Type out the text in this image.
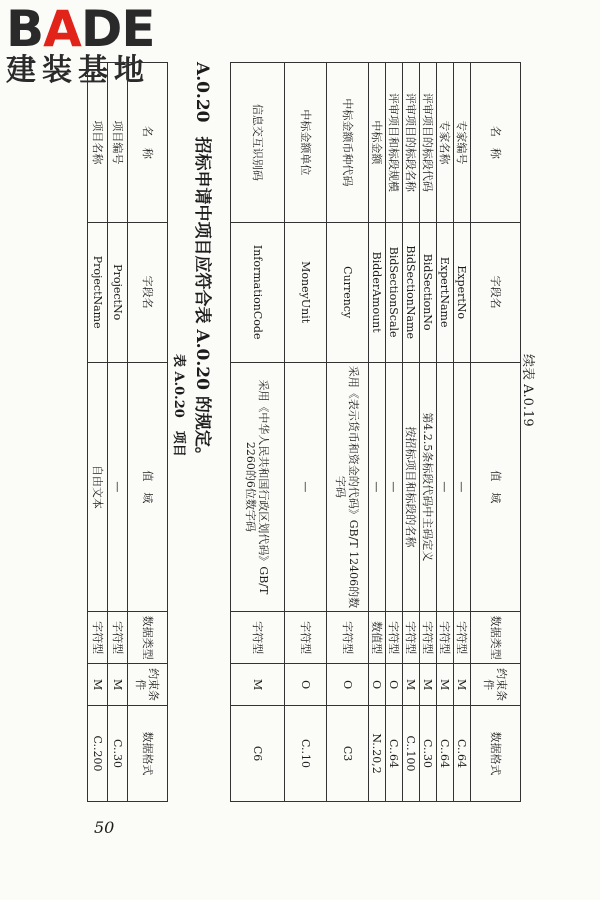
BADE
建装基地
50
续表 A.0.19
名　称	字段名	值　域	数据类型	约束条件	数据格式
专家编号	ExpertNo	—	字符型	M	C..64
专家名称	ExpertName	—	字符型	M	C..64
评审项目的标段代码	BidSectionNo	第4.2.5条标段代码中主码定义	字符型	M	C..30
评审项目的标段名称	BidSectionName	按招标项目和标段的名称	字符型	M	C..100
评审项目和标段规模	BidSectionScale	—	字符型	O	C..64
中标金额	BidderAmount	—	数值型	O	N..20,2
中标金额币种代码	Currency	采用《表示货币和资金的代码》GB/T 12406的数字码	字符型	O	C3
中标金额单位	MoneyUnit	—	字符型	O	C..10
信息交互识别码	InformationCode	采用《中华人民共和国行政区划代码》GB/T 2260的6位数字码	字符型	M	C6
A.0.20招标申请中项目应符合表 A.0.20 的规定。
表 A.0.20　项目
名　称	字段名	值　域	数据类型	约束条件	数据格式
项目编号	ProjectNo	—	字符型	M	C..30
项目名称	ProjectName	自由文本	字符型	M	C..200
